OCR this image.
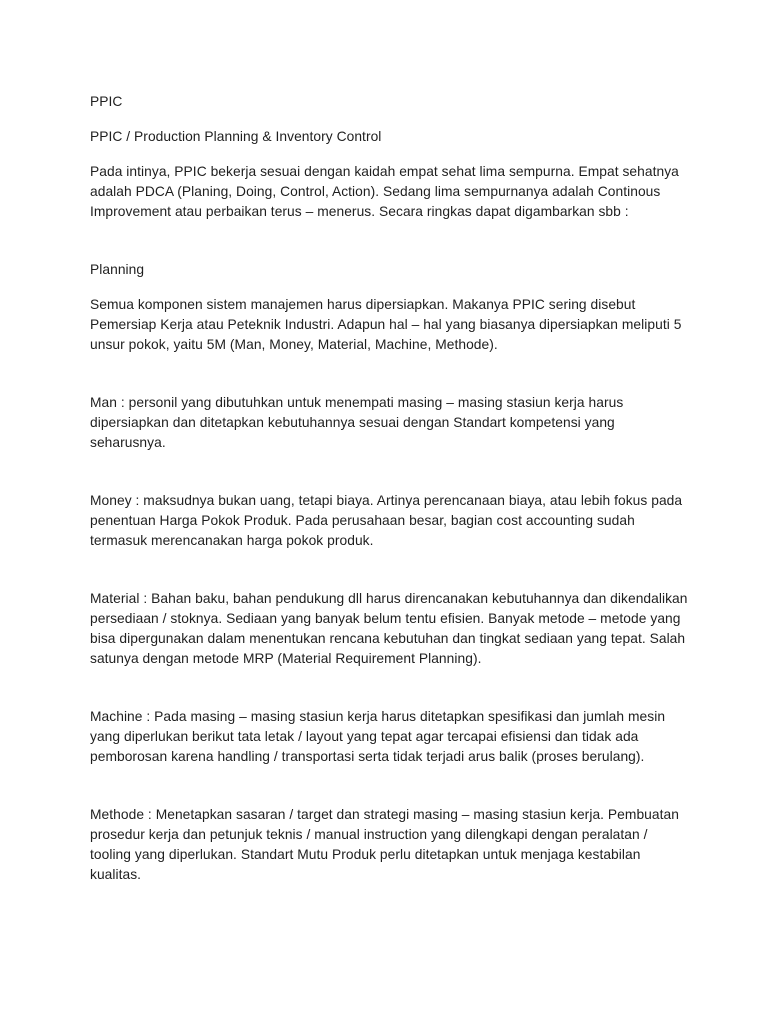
PPIC

PPIC / Production Planning & Inventory Control

Pada intinya, PPIC bekerja sesuai dengan kaidah empat sehat lima sempurna. Empat sehatnya adalah PDCA (Planing, Doing, Control, Action). Sedang lima sempurnanya adalah Continous Improvement atau perbaikan terus – menerus. Secara ringkas dapat digambarkan sbb :

Planning

Semua komponen sistem manajemen harus dipersiapkan. Makanya PPIC sering disebut Pemersiap Kerja atau Peteknik Industri. Adapun hal – hal yang biasanya dipersiapkan meliputi 5 unsur pokok, yaitu 5M (Man, Money, Material, Machine, Methode).

Man : personil yang dibutuhkan untuk menempati masing – masing stasiun kerja harus dipersiapkan dan ditetapkan kebutuhannya sesuai dengan Standart kompetensi yang seharusnya.

Money : maksudnya bukan uang, tetapi biaya. Artinya perencanaan biaya, atau lebih fokus pada penentuan Harga Pokok Produk. Pada perusahaan besar, bagian cost accounting sudah termasuk merencanakan harga pokok produk.

Material : Bahan baku, bahan pendukung dll harus direncanakan kebutuhannya dan dikendalikan persediaan / stoknya. Sediaan yang banyak belum tentu efisien. Banyak metode – metode yang bisa dipergunakan dalam menentukan rencana kebutuhan dan tingkat sediaan yang tepat. Salah satunya dengan metode MRP (Material Requirement Planning).

Machine : Pada masing – masing stasiun kerja harus ditetapkan spesifikasi dan jumlah mesin yang diperlukan berikut tata letak / layout yang tepat agar tercapai efisiensi dan tidak ada pemborosan karena handling / transportasi serta tidak terjadi arus balik (proses berulang).

Methode : Menetapkan sasaran / target dan strategi masing – masing stasiun kerja. Pembuatan prosedur kerja dan petunjuk teknis / manual instruction yang dilengkapi dengan peralatan / tooling yang diperlukan. Standart Mutu Produk perlu ditetapkan untuk menjaga kestabilan kualitas.
